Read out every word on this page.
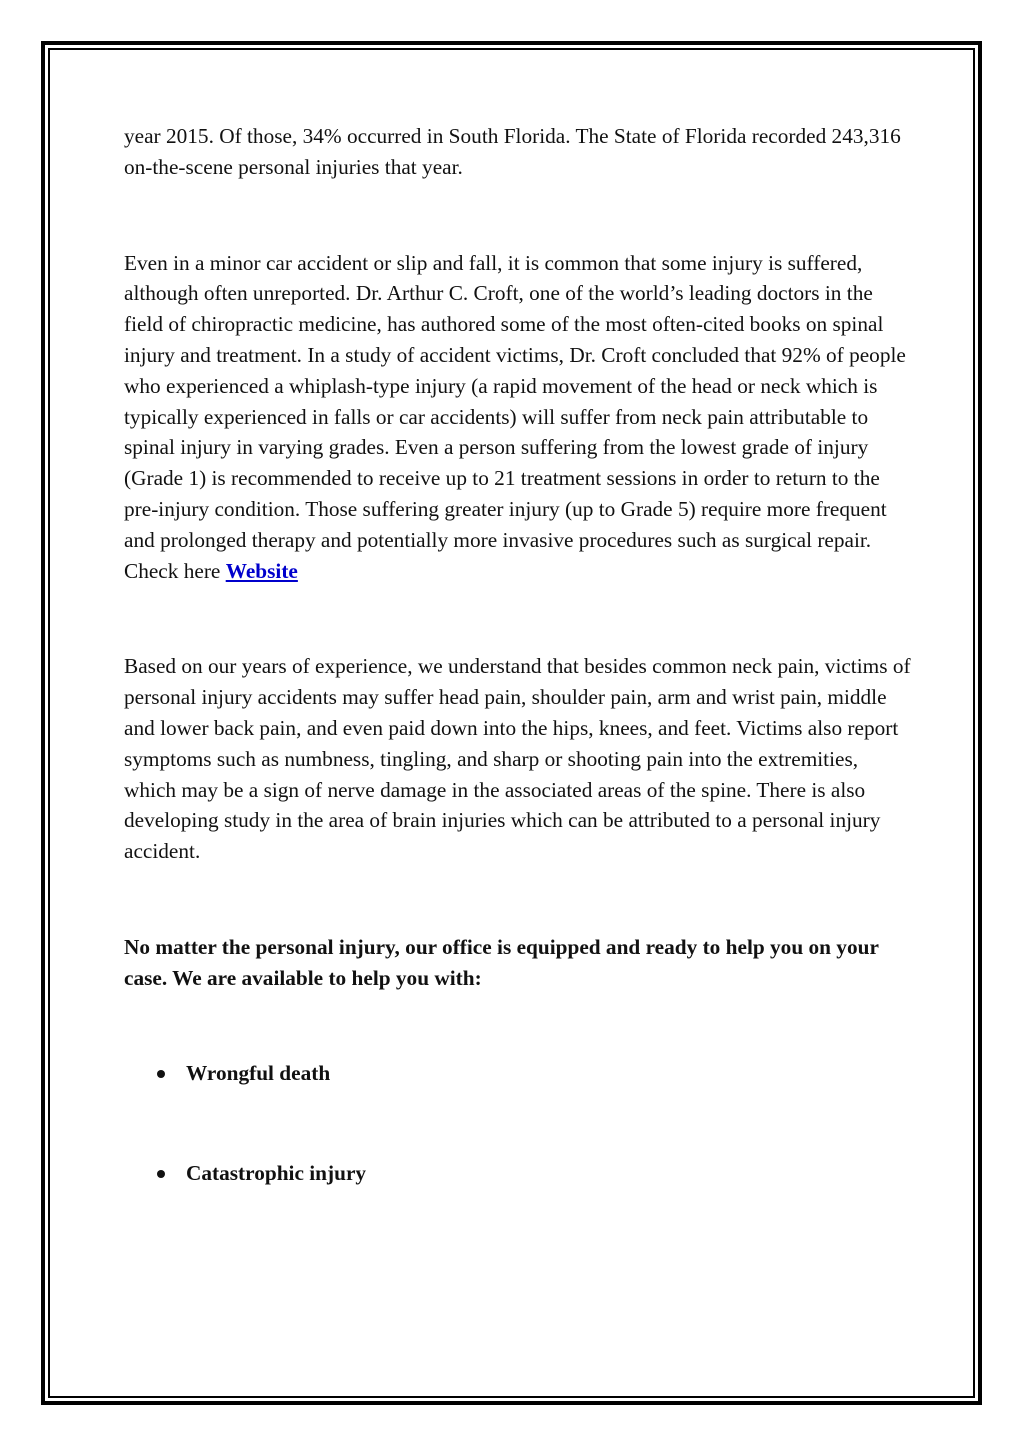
year 2015. Of those, 34% occurred in South Florida. The State of Florida recorded 243,316 on-the-scene personal injuries that year.

Even in a minor car accident or slip and fall, it is common that some injury is suffered, although often unreported. Dr. Arthur C. Croft, one of the world’s leading doctors in the field of chiropractic medicine, has authored some of the most often-cited books on spinal injury and treatment. In a study of accident victims, Dr. Croft concluded that 92% of people who experienced a whiplash-type injury (a rapid movement of the head or neck which is typically experienced in falls or car accidents) will suffer from neck pain attributable to spinal injury in varying grades. Even a person suffering from the lowest grade of injury (Grade 1) is recommended to receive up to 21 treatment sessions in order to return to the pre-injury condition. Those suffering greater injury (up to Grade 5) require more frequent and prolonged therapy and potentially more invasive procedures such as surgical repair. Check here Website

Based on our years of experience, we understand that besides common neck pain, victims of personal injury accidents may suffer head pain, shoulder pain, arm and wrist pain, middle and lower back pain, and even paid down into the hips, knees, and feet. Victims also report symptoms such as numbness, tingling, and sharp or shooting pain into the extremities, which may be a sign of nerve damage in the associated areas of the spine. There is also developing study in the area of brain injuries which can be attributed to a personal injury accident.

No matter the personal injury, our office is equipped and ready to help you on your case. We are available to help you with:

Wrongful death
Catastrophic injury
